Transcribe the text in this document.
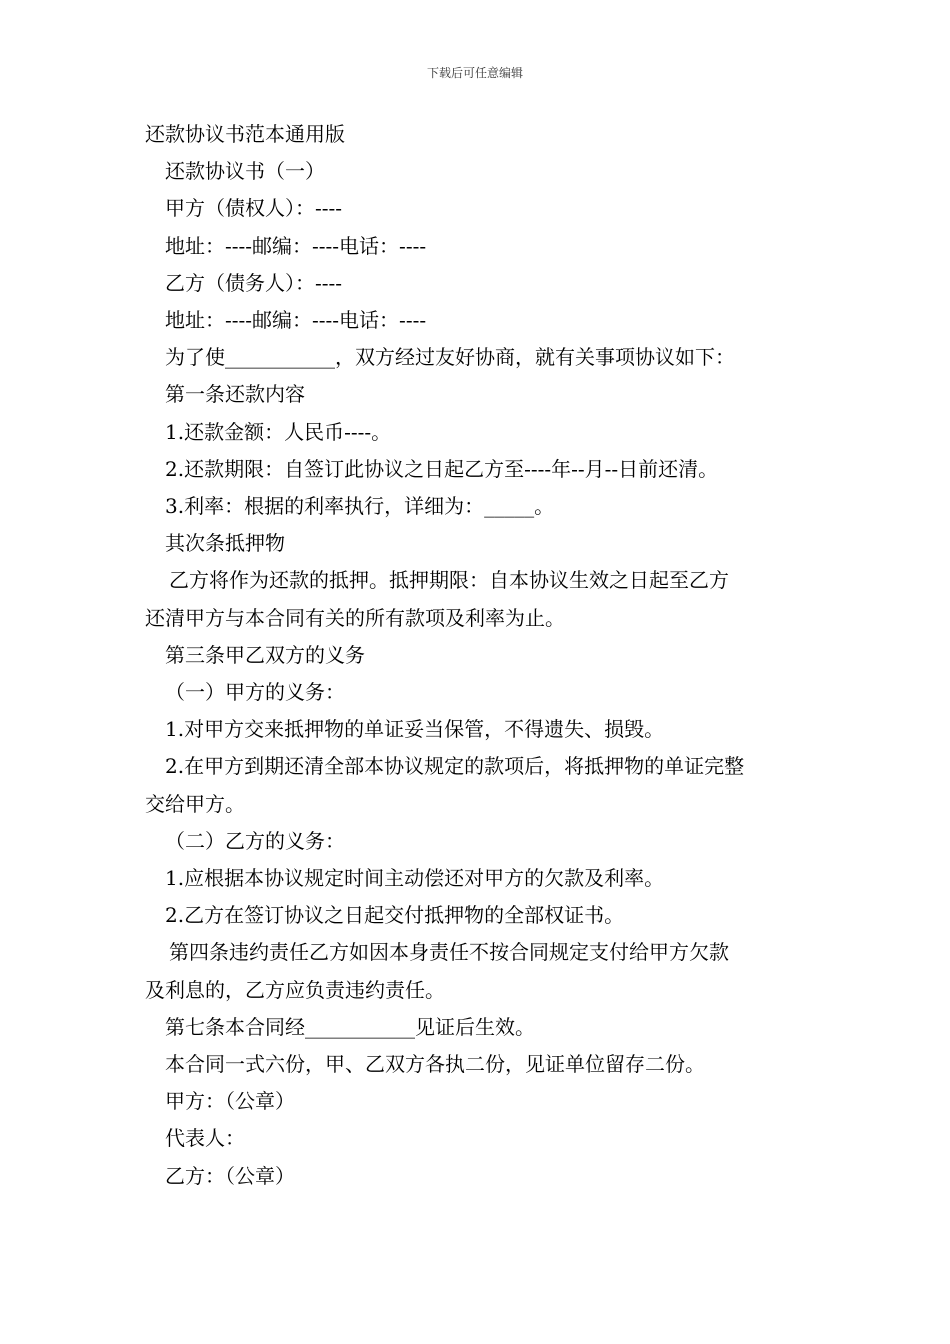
下载后可任意编辑

还款协议书范本通用版

还款协议书（一）

甲方（债权人）：----

地址：----邮编：----电话：----

乙方（债务人）：----

地址：----邮编：----电话：----

为了使___________，双方经过友好协商，就有关事项协议如下：

第一条还款内容

1.还款金额：人民币----。

2.还款期限：自签订此协议之日起乙方至----年--月--日前还清。

3.利率：根据的利率执行，详细为：_____。

其次条抵押物

乙方将作为还款的抵押。抵押期限：自本协议生效之日起至乙方

还清甲方与本合同有关的所有款项及利率为止。

第三条甲乙双方的义务

（一）甲方的义务：

1.对甲方交来抵押物的单证妥当保管，不得遗失、损毁。

2.在甲方到期还清全部本协议规定的款项后，将抵押物的单证完整

交给甲方。

（二）乙方的义务：

1.应根据本协议规定时间主动偿还对甲方的欠款及利率。

2.乙方在签订协议之日起交付抵押物的全部权证书。

第四条违约责任乙方如因本身责任不按合同规定支付给甲方欠款

及利息的，乙方应负责违约责任。

第七条本合同经___________见证后生效。

本合同一式六份，甲、乙双方各执二份，见证单位留存二份。

甲方：（公章）

代表人：

乙方：（公章）
